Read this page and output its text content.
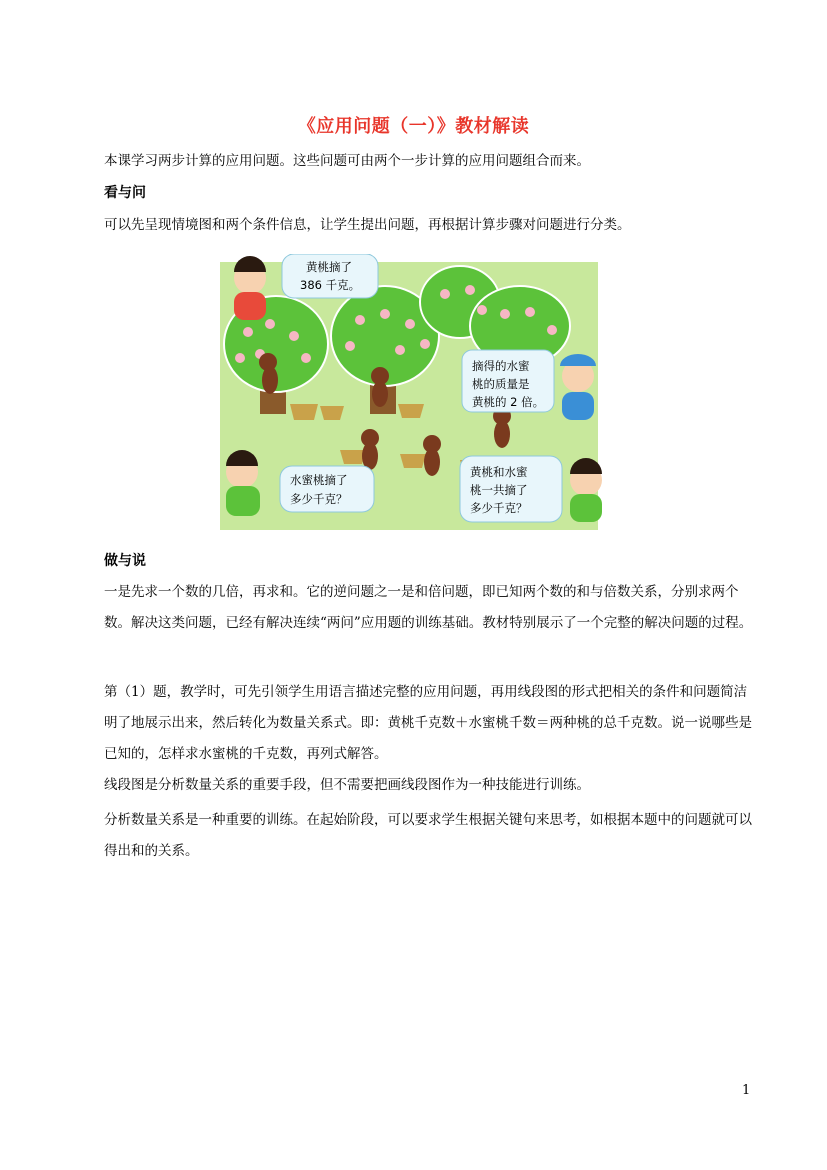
《应用问题（一）》教材解读
本课学习两步计算的应用问题。这些问题可由两个一步计算的应用问题组合而来。
看与问
可以先呈现情境图和两个条件信息，让学生提出问题，再根据计算步骤对问题进行分类。
黄桃摘了
386 千克。
摘得的水蜜
桃的质量是
黄桃的 2 倍。
水蜜桃摘了
多少千克？
黄桃和水蜜
桃一共摘了
多少千克？
做与说
一是先求一个数的几倍，再求和。它的逆问题之一是和倍问题，即已知两个数的和与倍数关系，分别求两个数。解决这类问题，已经有解决连续“两问”应用题的训练基础。教材特别展示了一个完整的解决问题的过程。
第（1）题，教学时，可先引领学生用语言描述完整的应用问题，再用线段图的形式把相关的条件和问题简洁明了地展示出来，然后转化为数量关系式。即：黄桃千克数＋水蜜桃千数＝两种桃的总千克数。说一说哪些是已知的，怎样求水蜜桃的千克数，再列式解答。
线段图是分析数量关系的重要手段，但不需要把画线段图作为一种技能进行训练。
分析数量关系是一种重要的训练。在起始阶段，可以要求学生根据关键句来思考，如根据本题中的问题就可以得出和的关系。
1
